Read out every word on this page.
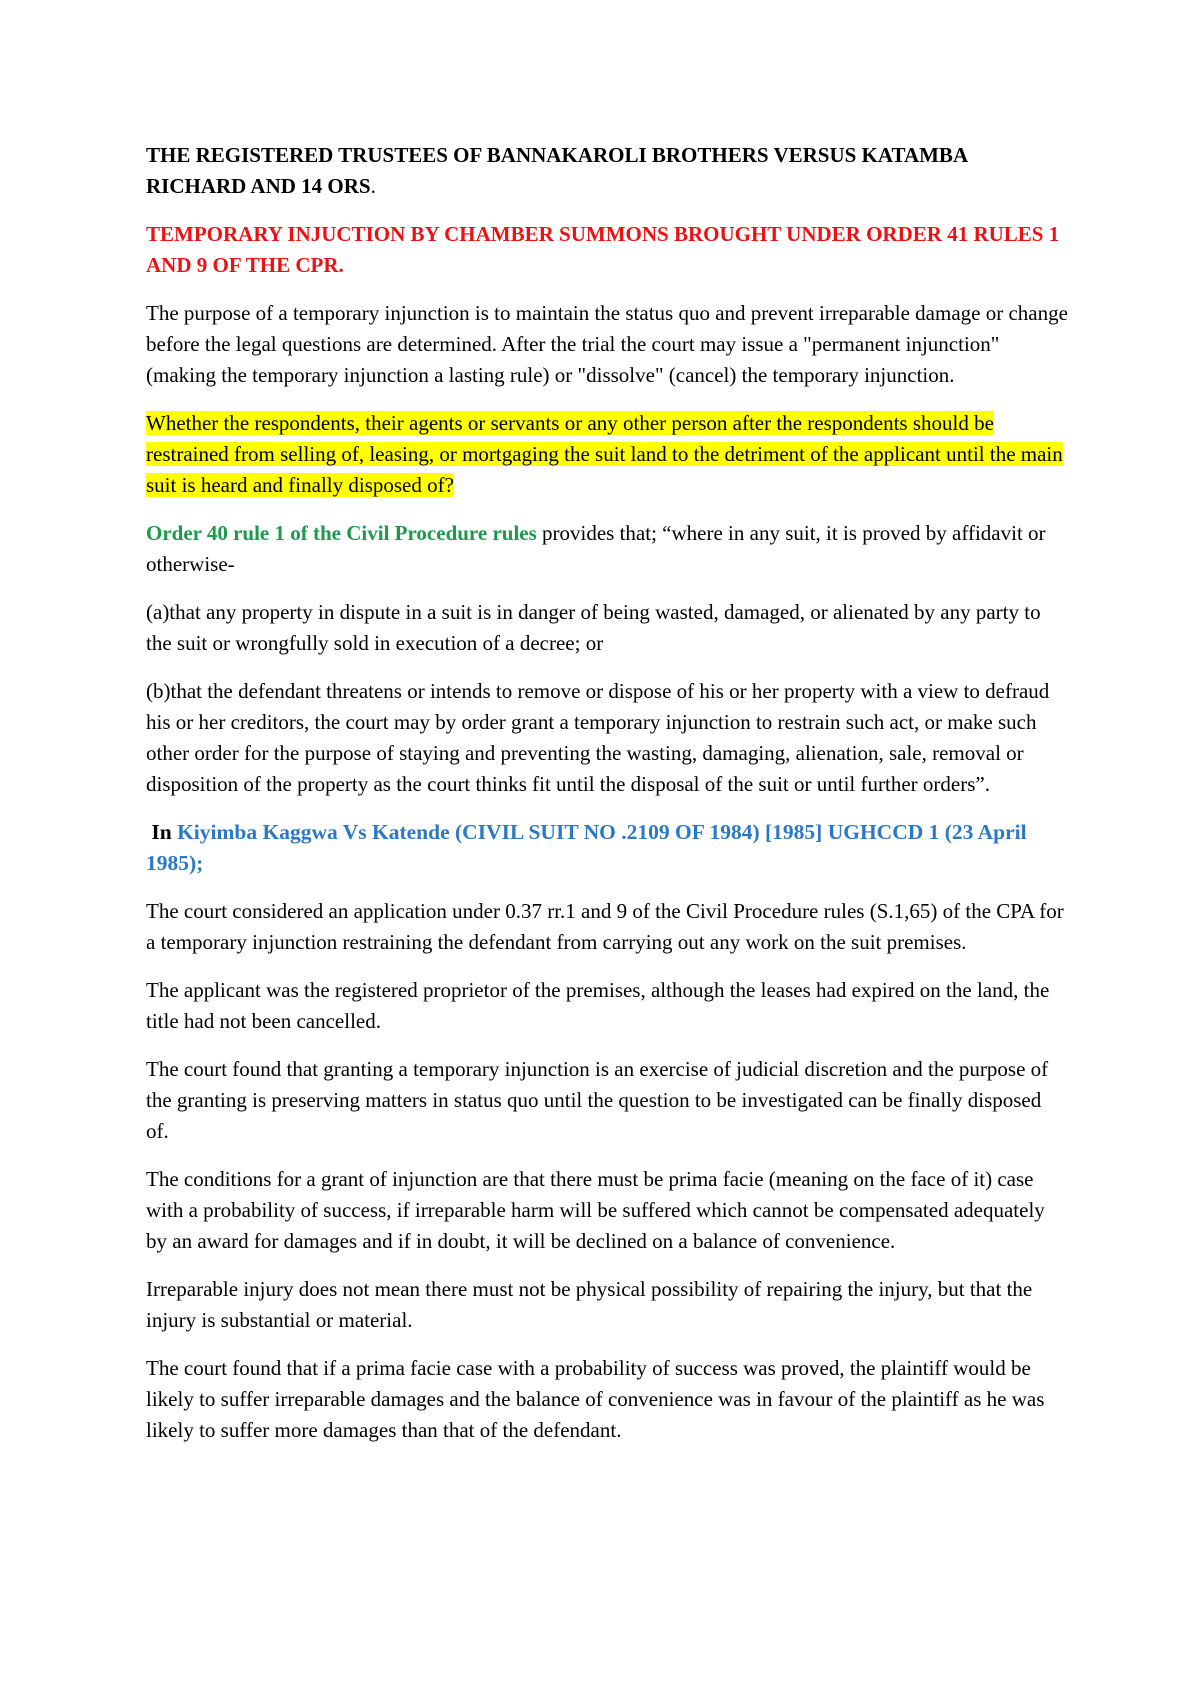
THE REGISTERED TRUSTEES OF BANNAKAROLI BROTHERS VERSUS KATAMBA RICHARD AND 14 ORS.

TEMPORARY INJUCTION BY CHAMBER SUMMONS BROUGHT UNDER ORDER 41 RULES 1 AND 9 OF THE CPR.

The purpose of a temporary injunction is to maintain the status quo and prevent irreparable damage or change before the legal questions are determined. After the trial the court may issue a "permanent injunction" (making the temporary injunction a lasting rule) or "dissolve" (cancel) the temporary injunction.

Whether the respondents, their agents or servants or any other person after the respondents should be restrained from selling of, leasing, or mortgaging the suit land to the detriment of the applicant until the main suit is heard and finally disposed of?

Order 40 rule 1 of the Civil Procedure rules provides that; “where in any suit, it is proved by affidavit or otherwise-

(a)that any property in dispute in a suit is in danger of being wasted, damaged, or alienated by any party to the suit or wrongfully sold in execution of a decree; or

(b)that the defendant threatens or intends to remove or dispose of his or her property with a view to defraud his or her creditors, the court may by order grant a temporary injunction to restrain such act, or make such other order for the purpose of staying and preventing the wasting, damaging, alienation, sale, removal or disposition of the property as the court thinks fit until the disposal of the suit or until further orders”.

In Kiyimba Kaggwa Vs Katende (CIVIL SUIT NO .2109 OF 1984) [1985] UGHCCD 1 (23 April 1985);

The court considered an application under 0.37 rr.1 and 9 of the Civil Procedure rules (S.1,65) of the CPA for a temporary injunction restraining the defendant from carrying out any work on the suit premises.

The applicant was the registered proprietor of the premises, although the leases had expired on the land, the title had not been cancelled.

The court found that granting a temporary injunction is an exercise of judicial discretion and the purpose of the granting is preserving matters in status quo until the question to be investigated can be finally disposed of.

The conditions for a grant of injunction are that there must be prima facie (meaning on the face of it) case with a probability of success, if irreparable harm will be suffered which cannot be compensated adequately by an award for damages and if in doubt, it will be declined on a balance of convenience.

Irreparable injury does not mean there must not be physical possibility of repairing the injury, but that the injury is substantial or material.

The court found that if a prima facie case with a probability of success was proved, the plaintiff would be likely to suffer irreparable damages and the balance of convenience was in favour of the plaintiff as he was likely to suffer more damages than that of the defendant.
